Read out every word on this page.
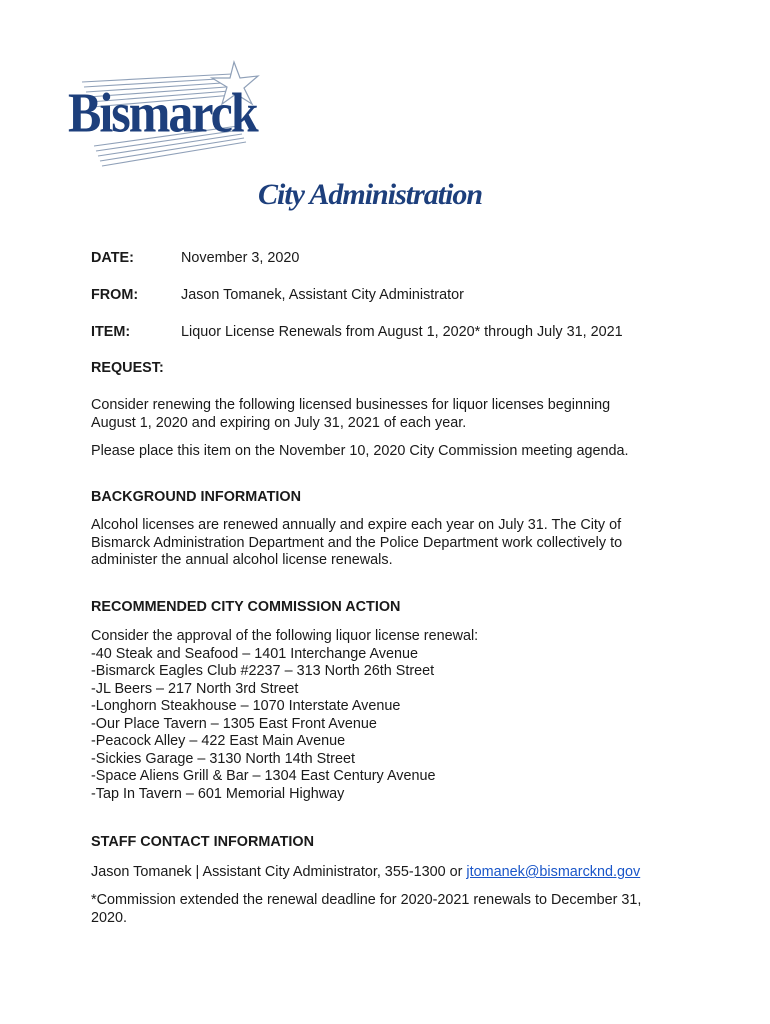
Bismarck
City Administration
DATE:	November 3, 2020
FROM:	Jason Tomanek, Assistant City Administrator
ITEM:	Liquor License Renewals from August 1, 2020* through July 31, 2021
REQUEST:
Consider renewing the following licensed businesses for liquor licenses beginning
August 1, 2020 and expiring on July 31, 2021 of each year.
Please place this item on the November 10, 2020 City Commission meeting agenda.
BACKGROUND INFORMATION
Alcohol licenses are renewed annually and expire each year on July 31. The City of
Bismarck Administration Department and the Police Department work collectively to
administer the annual alcohol license renewals.
RECOMMENDED CITY COMMISSION ACTION
Consider the approval of the following liquor license renewal:
-40 Steak and Seafood – 1401 Interchange Avenue
-Bismarck Eagles Club #2237 – 313 North 26th Street
-JL Beers – 217 North 3rd Street
-Longhorn Steakhouse – 1070 Interstate Avenue
-Our Place Tavern – 1305 East Front Avenue
-Peacock Alley – 422 East Main Avenue
-Sickies Garage – 3130 North 14th Street
-Space Aliens Grill & Bar – 1304 East Century Avenue
-Tap In Tavern – 601 Memorial Highway
STAFF CONTACT INFORMATION
Jason Tomanek | Assistant City Administrator, 355-1300 or jtomanek@bismarcknd.gov
*Commission extended the renewal deadline for 2020-2021 renewals to December 31,
2020.
